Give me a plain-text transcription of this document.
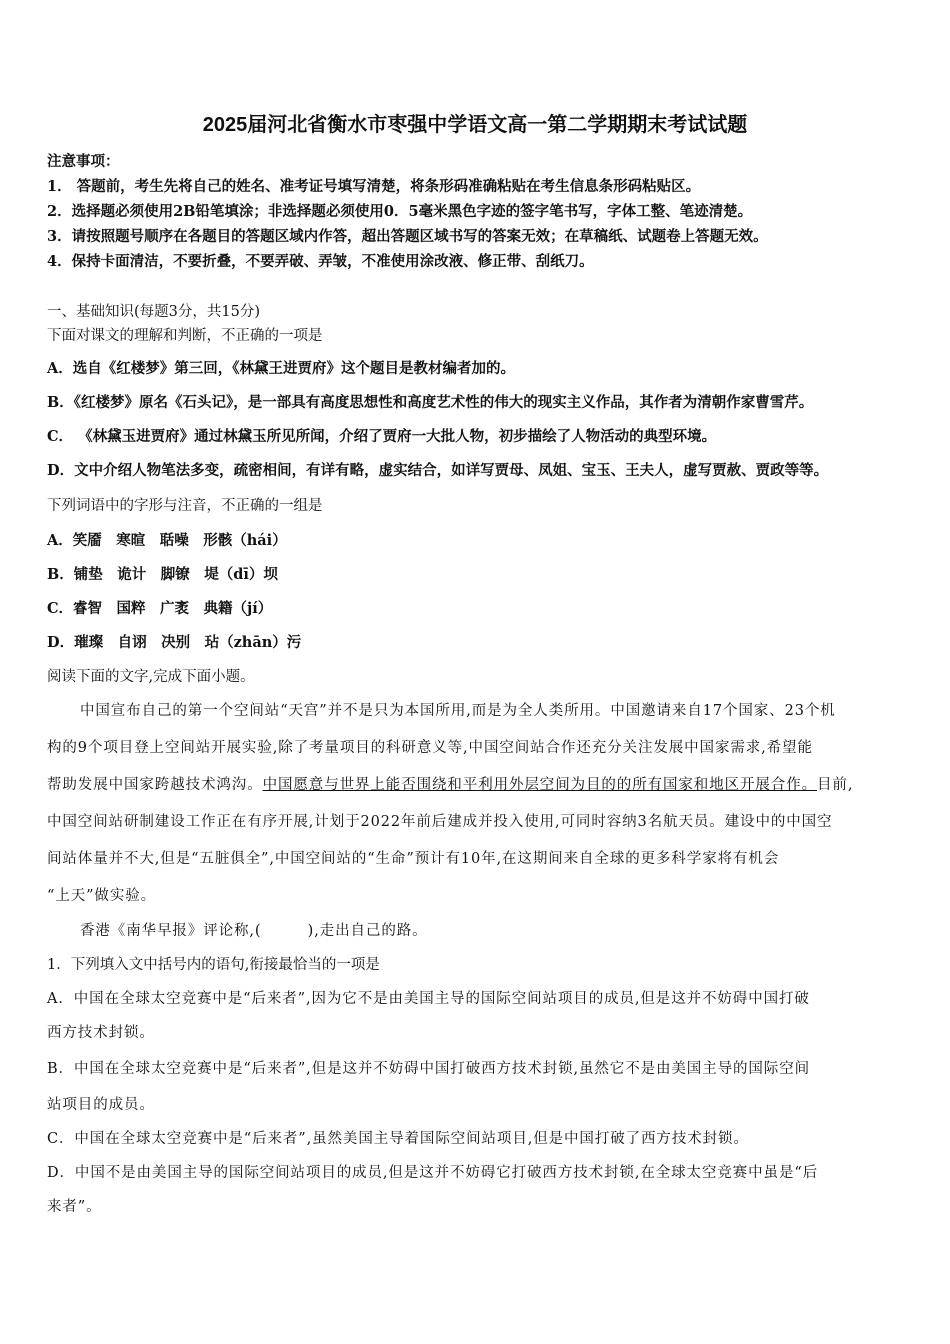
2025届河北省衡水市枣强中学语文高一第二学期期末考试试题
注意事项：
1． 答题前，考生先将自己的姓名、准考证号填写清楚，将条形码准确粘贴在考生信息条形码粘贴区。
2．选择题必须使用2B铅笔填涂；非选择题必须使用0．5毫米黑色字迹的签字笔书写，字体工整、笔迹清楚。
3．请按照题号顺序在各题目的答题区域内作答，超出答题区域书写的答案无效；在草稿纸、试题卷上答题无效。
4．保持卡面清洁，不要折叠，不要弄破、弄皱，不准使用涂改液、修正带、刮纸刀。
一、基础知识(每题3分，共15分)
下面对课文的理解和判断，不正确的一项是
A．选自《红楼梦》第三回，《林黛王进贾府》这个题目是教材编者加的。
B．《红楼梦》原名《石头记》，是一部具有高度思想性和高度艺术性的伟大的现实主义作品，其作者为清朝作家曹雪芹。
C． 《林黛玉进贾府》通过林黛玉所见所闻，介绍了贾府一大批人物，初步描绘了人物活动的典型环境。
D．文中介绍人物笔法多变，疏密相间，有详有略，虚实结合，如详写贾母、凤姐、宝玉、王夫人，虚写贾赦、贾政等等。
下列词语中的字形与注音，不正确的一组是
A．笑靥　寒暄　聒噪　形骸（hái）
B．铺垫　诡计　脚镣　堤（dī）坝
C．睿智　国粹　广袤　典籍（jí）
D．璀璨　自诩　决别　玷（zhān）污
阅读下面的文字,完成下面小题。
中国宣布自己的第一个空间站“天宫”并不是只为本国所用,而是为全人类所用。中国邀请来自17个国家、23个机
构的9个项目登上空间站开展实验,除了考量项目的科研意义等,中国空间站合作还充分关注发展中国家需求,希望能
帮助发展中国家跨越技术鸿沟。中国愿意与世界上能否围绕和平利用外层空间为目的的所有国家和地区开展合作。目前,
中国空间站研制建设工作正在有序开展,计划于2022年前后建成并投入使用,可同时容纳3名航天员。建设中的中国空
间站体量并不大,但是“五脏俱全”,中国空间站的“生命”预计有10年,在这期间来自全球的更多科学家将有机会
“上天”做实验。
香港《南华早报》评论称,(　　　),走出自己的路。
1．下列填入文中括号内的语句,衔接最恰当的一项是
A．中国在全球太空竞赛中是“后来者”,因为它不是由美国主导的国际空间站项目的成员,但是这并不妨碍中国打破
西方技术封锁。
B．中国在全球太空竞赛中是“后来者”,但是这并不妨碍中国打破西方技术封锁,虽然它不是由美国主导的国际空间
站项目的成员。
C．中国在全球太空竞赛中是“后来者”,虽然美国主导着国际空间站项目,但是中国打破了西方技术封锁。
D．中国不是由美国主导的国际空间站项目的成员,但是这并不妨碍它打破西方技术封锁,在全球太空竞赛中虽是“后
来者”。
